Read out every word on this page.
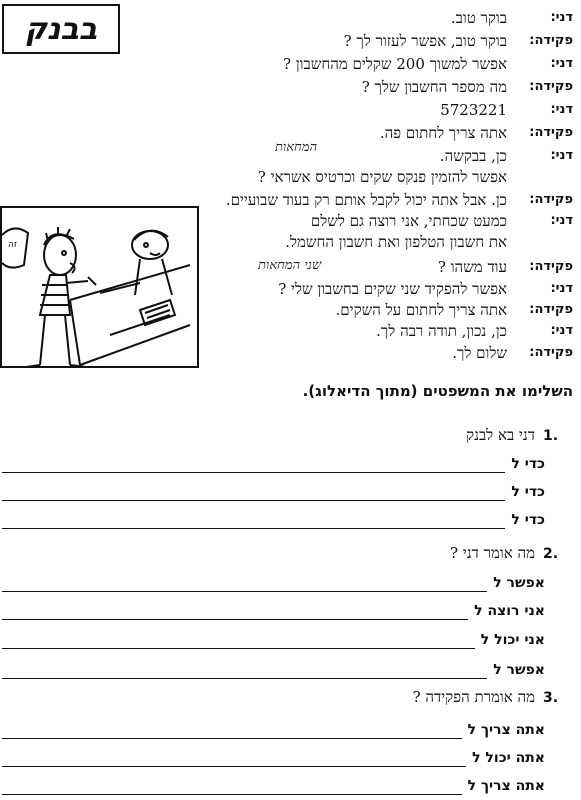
בבנק	דני:
בוקר טוב.
פקידה:
בוקר טוב, אפשר לעזור לך ?
דני:
אפשר למשוך 200 שקלים מהחשבון ?
פקידה:
מה מספר החשבון שלך ?
דני:
5723221
פקידה:
אתה צריך לחתום פה.
דני:
כן, בבקשה.
אפשר להזמין פנקס שקים וכרטיס אשראי ?
פקידה:
כן. אבל אתה יכול לקבל אותם רק בעוד שבועיים.
דני:
כמעט שכחתי, אני רוצה גם לשלם
את חשבון הטלפון ואת חשבון החשמל.
פקידה:
עוד משהו ?
דני:
אפשר להפקיד שני שקים בחשבון שלי ?
פקידה:
אתה צריך לחתום על השקים.
דני:
כן, נכון, תודה רבה לך.
פקידה:
שלום לך.
המחאות
שני המחאות
זה
השלימו את המשפטים (מתוך הדיאלוג).
1.
דני בא לבנק
כדי ל
כדי ל
כדי ל
2.
מה אומר דני ?
אפשר ל
אני רוצה ל
אני יכול ל
אפשר ל
3.
מה אומרת הפקידה ?
אתה צריך ל
אתה יכול ל
אתה צריך ל
